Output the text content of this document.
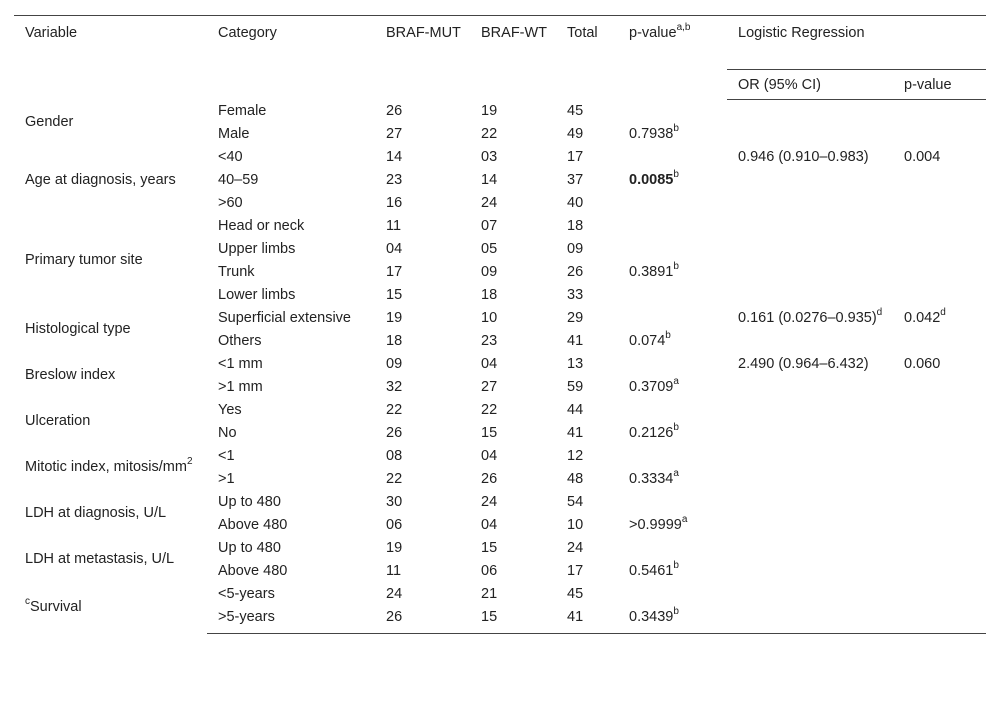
Variable	Category	BRAF-MUT	BRAF-WT	Total	p-value$^{a,b}$	Logistic Regression	
						OR (95% CI)	p-value
Gender	Female	26	19	45			
	Male	27	22	49	0.7938$^b$
Age at diagnosis, years	<40	14	03	17		0.946 (0.910–0.983)	0.004
	40–59	23	14	37	0.0085$^b$
	>60	16	24	40			
Primary tumor site	Head or neck	11	07	18			
	Upper limbs	04	05	09			
	Trunk	17	09	26	0.3891$^b$		
	Lower limbs	15	18	33			
Histological type	Superficial extensive	19	10	29		0.161 $(0.0276-0.935)^d$	0.042$^d$
	Others	18	23	41	0.074$^b$
Breslow index	<1 mm	09	04	13		2.490 (0.964–6.432)	0.060
	>1 mm	32	27	59	0.3709$^a$
Ulceration	Yes	22	22	44			
	No	26	15	41	0.2126$^b$		
Mitotic index, mitosis/$mm^2$	<1	08	04	12			
	>1	22	26	48	0.3334$^a$		
LDH at diagnosis, U/L	Up to 480	30	24	54			
	Above 480	06	04	10	>0.9999$^a$		
LDH at metastasis, U/L	Up to 480	19	15	24			
	Above 480	11	06	17	0.5461$^b$		
$^c$Survival	<5-years	24	21	45			
	>5-years	26	15	41	0.3439$^b$		
